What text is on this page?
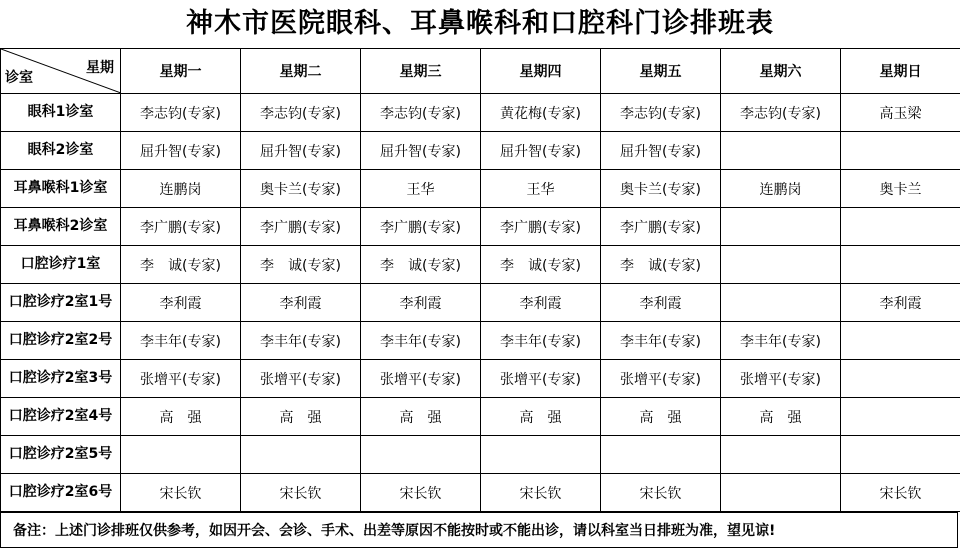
神木市医院眼科、耳鼻喉科和口腔科门诊排班表
诊室
星期	星期一	星期二	星期三	星期四	星期五	星期六	星期日
眼科1诊室	李志钧(专家)	李志钧(专家)	李志钧(专家)	黄花梅(专家)	李志钧(专家)	李志钧(专家)	高玉梁
眼科2诊室	屈升智(专家)	屈升智(专家)	屈升智(专家)	屈升智(专家)	屈升智(专家)		
耳鼻喉科1诊室	连鹏岗	奥卡兰(专家)	王华	王华	奥卡兰(专家)	连鹏岗	奥卡兰
耳鼻喉科2诊室	李广鹏(专家)	李广鹏(专家)	李广鹏(专家)	李广鹏(专家)	李广鹏(专家)		
口腔诊疗1室	李　诚(专家)	李　诚(专家)	李　诚(专家)	李　诚(专家)	李　诚(专家)		
口腔诊疗2室1号	李利霞	李利霞	李利霞	李利霞	李利霞		李利霞
口腔诊疗2室2号	李丰年(专家)	李丰年(专家)	李丰年(专家)	李丰年(专家)	李丰年(专家)	李丰年(专家)	
口腔诊疗2室3号	张增平(专家)	张增平(专家)	张增平(专家)	张增平(专家)	张增平(专家)	张增平(专家)	
口腔诊疗2室4号	高　强	高　强	高　强	高　强	高　强	高　强	
口腔诊疗2室5号							
口腔诊疗2室6号	宋长钦	宋长钦	宋长钦	宋长钦	宋长钦		宋长钦
备注：上述门诊排班仅供参考，如因开会、会诊、手术、出差等原因不能按时或不能出诊，请以科室当日排班为准，望见谅!
